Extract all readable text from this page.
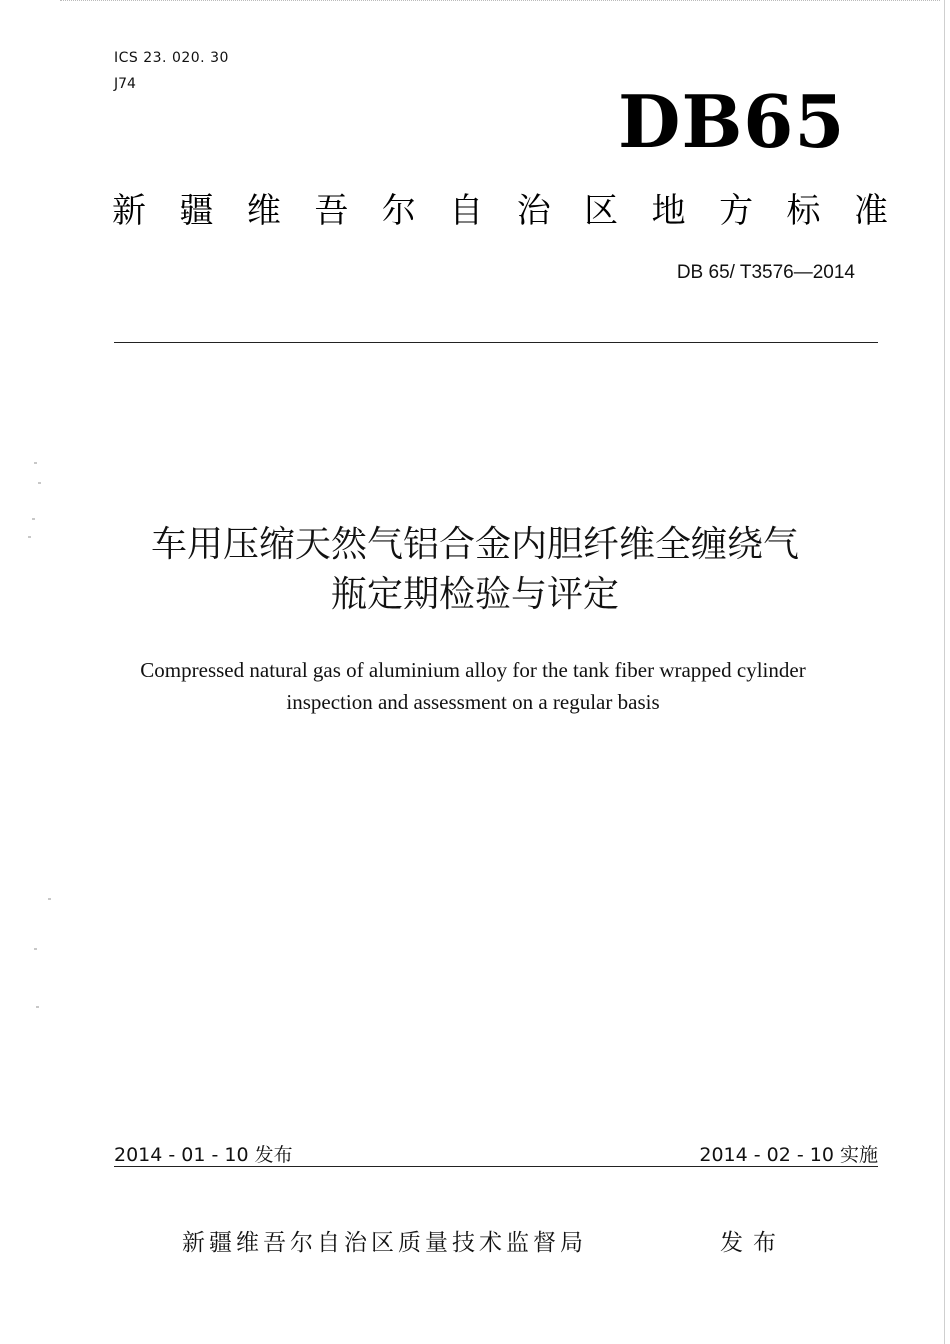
ICS 23. 020. 30
J74	DB65
新 疆 维 吾 尔 自 治 区 地 方 标 准
DB 65/ T3576—2014
车用压缩天然气铝合金内胆纤维全缠绕气
瓶定期检验与评定
Compressed natural gas of aluminium alloy for the tank fiber wrapped cylinder
inspection and assessment on a regular basis
2014 - 01 - 10 发布	2014 - 02 - 10 实施
新疆维吾尔自治区质量技术监督局	发布
